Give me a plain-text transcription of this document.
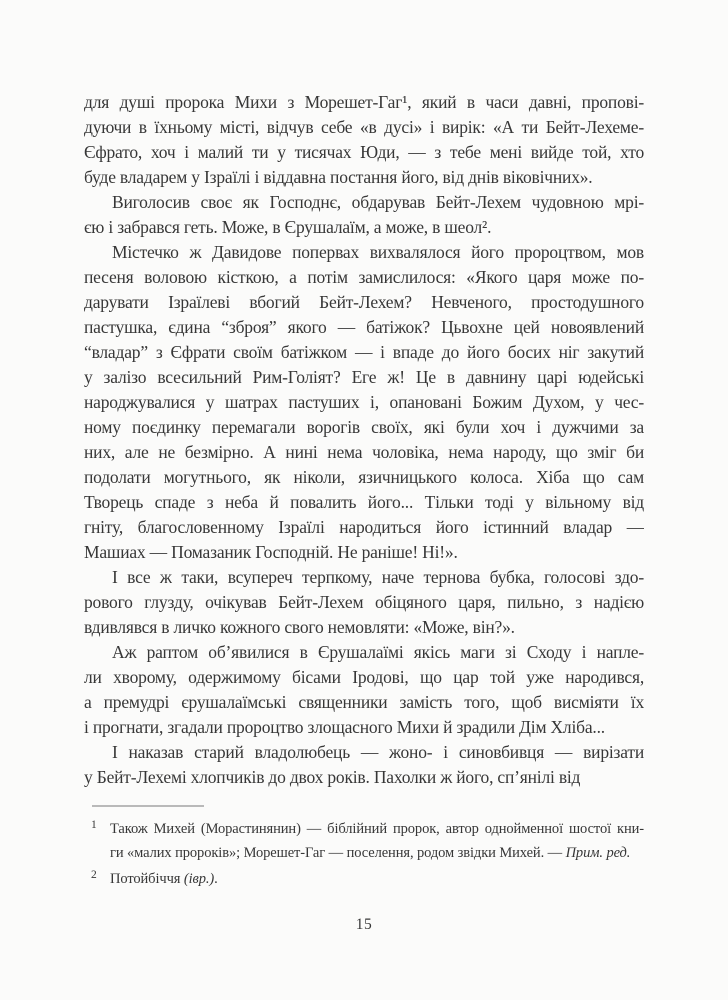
для душі пророка Михи з Морешет-Гаг¹, який в часи давні, пропові-
дуючи в їхньому місті, відчув себе «в дусі» і вирік: «А ти Бейт-Лехеме-
Єфрато, хоч і малий ти у тисячах Юди, — з тебе мені вийде той, хто
буде владарем у Ізраїлі і віддавна постання його, від днів віковічних».
Виголосив своє як Господнє, обдарував Бейт-Лехем чудовною мрі-
єю і забрався геть. Може, в Єрушалаїм, а може, в шеол².
Містечко ж Давидове попервах вихвалялося його пророцтвом, мов
песеня воловою кісткою, а потім замислилося: «Якого царя може по-
дарувати Ізраїлеві вбогий Бейт-Лехем? Невченого, простодушного
пастушка, єдина “зброя” якого — батіжок? Цьвохне цей новоявлений
“владар” з Єфрати своїм батіжком — і впаде до його босих ніг закутий
у залізо всесильний Рим-Голіят? Еге ж! Це в давнину царі юдейські
народжувалися у шатрах пастуших і, опановані Божим Духом, у чес-
ному поєдинку перемагали ворогів своїх, які були хоч і дужчими за
них, але не безмірно. А нині нема чоловіка, нема народу, що зміг би
подолати могутнього, як ніколи, язичницького колоса. Хіба що сам
Творець спаде з неба й повалить його... Тільки тоді у вільному від
гніту, благословенному Ізраїлі народиться його істинний владар —
Машиах — Помазаник Господній. Не раніше! Ні!».
І все ж таки, всупереч терпкому, наче тернова бубка, голосові здо-
рового глузду, очікував Бейт-Лехем обіцяного царя, пильно, з надією
вдивлявся в личко кожного свого немовляти: «Може, він?».
Аж раптом об’явилися в Єрушалаїмі якісь маги зі Сходу і напле-
ли хворому, одержимому бісами Іродові, що цар той уже народився,
а премудрі єрушалаїмські священники замість того, щоб висміяти їх
і прогнати, згадали пророцтво злощасного Михи й зрадили Дім Хліба...
І наказав старий владолюбець — жоно- і синовбивця — вирізати
у Бейт-Лехемі хлопчиків до двох років. Пахолки ж його, сп’янілі від
1 Також Михей (Морастинянин) — біблійний пророк, автор однойменної шостої кни-
ги «малих пророків»; Морешет-Гаг — поселення, родом звідки Михей. — Прим. ред.
2 Потойбіччя (івр.).
15
